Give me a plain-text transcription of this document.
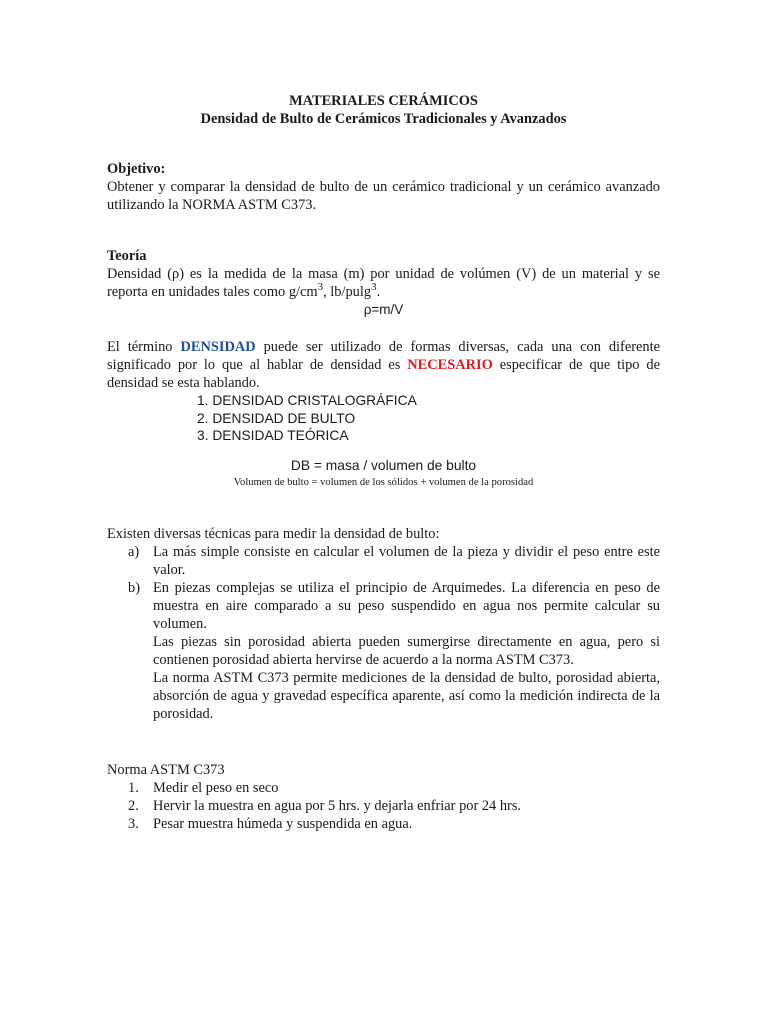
MATERIALES CERÁMICOS

Densidad de Bulto de Cerámicos Tradicionales y Avanzados

Objetivo:

Obtener y comparar la densidad de bulto de un cerámico tradicional y un cerámico avanzado utilizando la NORMA ASTM C373.

Teoría

Densidad (ρ) es la medida de la masa (m) por unidad de volúmen (V) de un material y se reporta en unidades tales como $g/cm^3$, lb/pulg$^3$.

ρ=m/V

El término DENSIDAD puede ser utilizado de formas diversas, cada una con diferente significado por lo que al hablar de densidad es NECESARIO especificar de que tipo de densidad se esta hablando.

1. DENSIDAD CRISTALOGRÁFICA
2. DENSIDAD DE BULTO
3. DENSIDAD TEÓRICA

DB = masa / volumen de bulto

Volumen de bulto = volumen de los sólidos + volumen de la porosidad

Existen diversas técnicas para medir la densidad de bulto:

a) La más simple consiste en calcular el volumen de la pieza y dividir el peso entre este valor.

b) En piezas complejas se utiliza el principio de Arquimedes. La diferencia en peso de muestra en aire comparado a su peso suspendido en agua nos permite calcular su volumen.

Las piezas sin porosidad abierta pueden sumergirse directamente en agua, pero si contienen porosidad abierta hervirse de acuerdo a la norma ASTM C373.

La norma ASTM C373 permite mediciones de la densidad de bulto, porosidad abierta, absorción de agua y gravedad específica aparente, así como la medición indirecta de la porosidad.

Norma ASTM C373

1. Medir el peso en seco
2. Hervir la muestra en agua por 5 hrs. y dejarla enfriar por 24 hrs.
3. Pesar muestra húmeda y suspendida en agua.
